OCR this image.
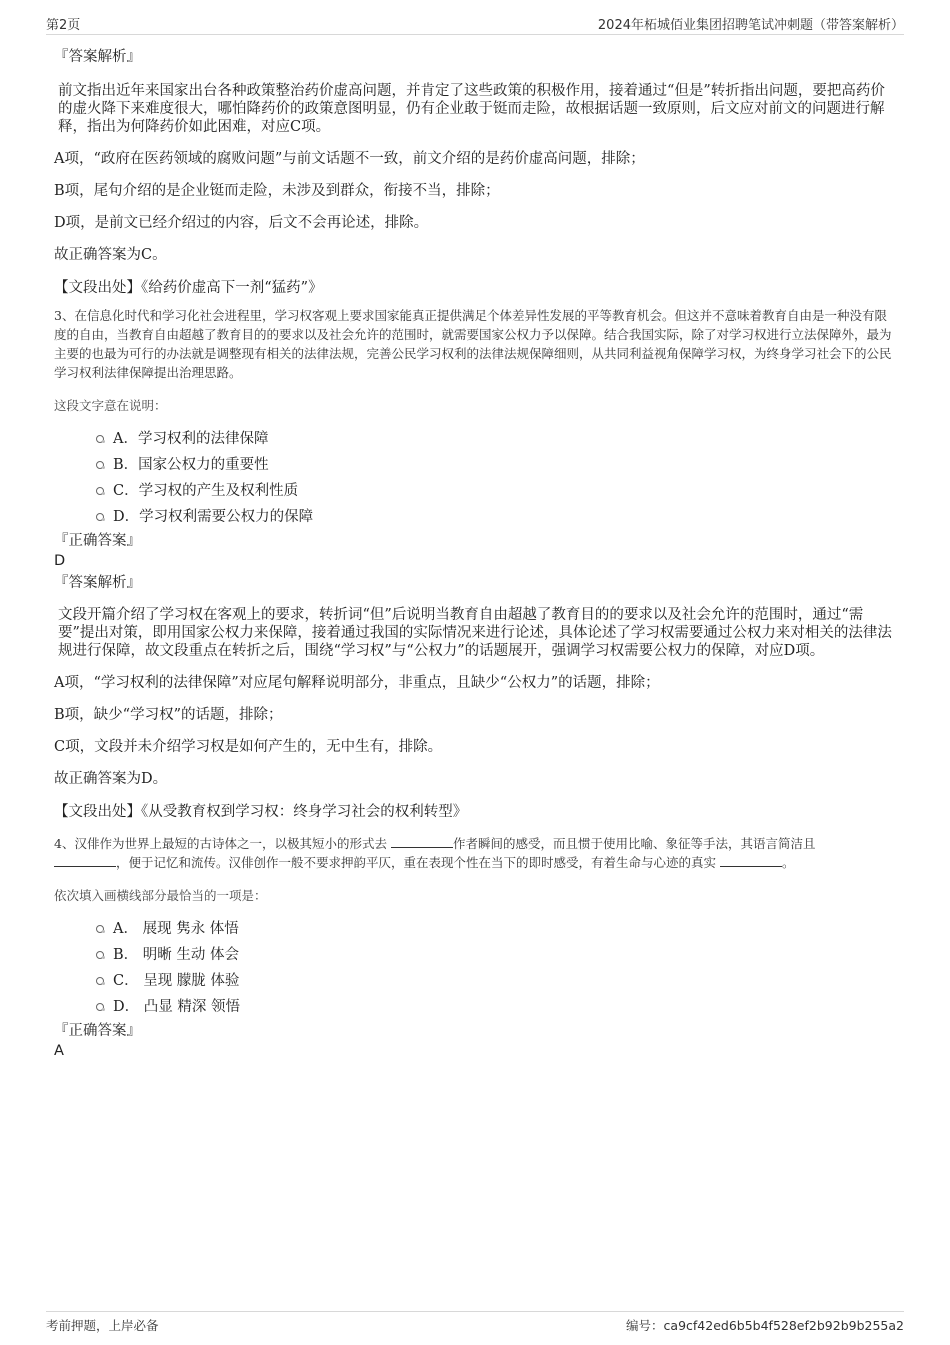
第2页	2024年柘城佰业集团招聘笔试冲刺题（带答案解析）

『答案解析』

前文指出近年来国家出台各种政策整治药价虚高问题，并肯定了这些政策的积极作用，接着通过“但是”转折指出问题，要把高药价的虚火降下来难度很大，哪怕降药价的政策意图明显，仍有企业敢于铤而走险，故根据话题一致原则，后文应对前文的问题进行解释，指出为何降药价如此困难，对应C项。

A项，“政府在医药领域的腐败问题”与前文话题不一致，前文介绍的是药价虚高问题，排除；

B项，尾句介绍的是企业铤而走险，未涉及到群众，衔接不当，排除；

D项，是前文已经介绍过的内容，后文不会再论述，排除。

故正确答案为C。

【文段出处】《给药价虚高下一剂“猛药”》

3、在信息化时代和学习化社会进程里，学习权客观上要求国家能真正提供满足个体差异性发展的平等教育机会。但这并不意味着教育自由是一种没有限度的自由，当教育自由超越了教育目的的要求以及社会允许的范围时，就需要国家公权力予以保障。结合我国实际，除了对学习权进行立法保障外，最为主要的也最为可行的办法就是调整现有相关的法律法规，完善公民学习权利的法律法规保障细则，从共同利益视角保障学习权，为终身学习社会下的公民学习权利法律保障提出治理思路。

这段文字意在说明：

A．学习权利的法律保障
B．国家公权力的重要性
C．学习权的产生及权利性质
D．学习权利需要公权力的保障

『正确答案』

D

『答案解析』

文段开篇介绍了学习权在客观上的要求，转折词“但”后说明当教育自由超越了教育目的的要求以及社会允许的范围时，通过“需要”提出对策，即用国家公权力来保障，接着通过我国的实际情况来进行论述，具体论述了学习权需要通过公权力来对相关的法律法规进行保障，故文段重点在转折之后，围绕“学习权”与“公权力”的话题展开，强调学习权需要公权力的保障，对应D项。

A项，“学习权利的法律保障”对应尾句解释说明部分，非重点，且缺少“公权力”的话题，排除；

B项，缺少“学习权”的话题，排除；

C项，文段并未介绍学习权是如何产生的，无中生有，排除。

故正确答案为D。

【文段出处】《从受教育权到学习权：终身学习社会的权利转型》

4、汉俳作为世界上最短的古诗体之一，以极其短小的形式去	作者瞬间的感受，而且惯于使用比喻、象征等手法，其语言简洁且
，便于记忆和流传。汉俳创作一般不要求押韵平仄，重在表现个性在当下的即时感受，有着生命与心迹的真实	。

依次填入画横线部分最恰当的一项是：

A． 展现 隽永 体悟
B． 明晰 生动 体会
C． 呈现 朦胧 体验
D． 凸显 精深 领悟

『正确答案』

A

考前押题，上岸必备	编号：ca9cf42ed6b5b4f528ef2b92b9b255a2
